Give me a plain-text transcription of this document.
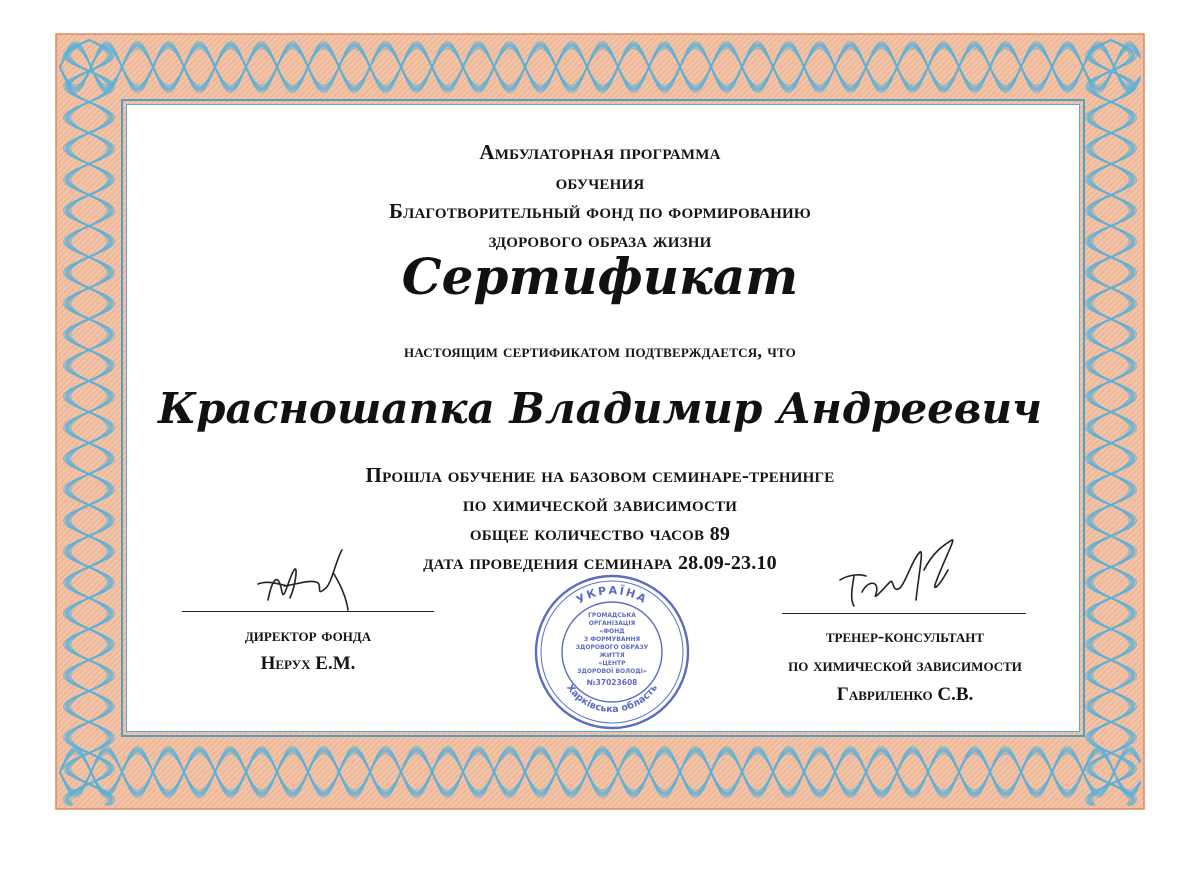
Амбулаторная программа
обучения
Благотворительный фонд по формированию
здорового образа жизни
Сертификат
настоящим сертификатом подтверждается, что
Красношапка Владимир Андреевич
Прошла обучение на базовом семинаре-тренинге
по химической зависимости
общее количество часов 89
дата проведения семинара 28.09-23.10
директор фонда
Нерух Е.М.
тренер-консультант
по химической зависимости
Гавриленко С.В.
УКРАЇНА
Харківська область
ГРОМАДСЬКА
ОРГАНІЗАЦІЯ
«ФОНД
З ФОРМУВАННЯ
ЗДОРОВОГО ОБРАЗУ
ЖИТТЯ
«ЦЕНТР
ЗДОРОВОЇ ВОЛОДІ»
№37023608
